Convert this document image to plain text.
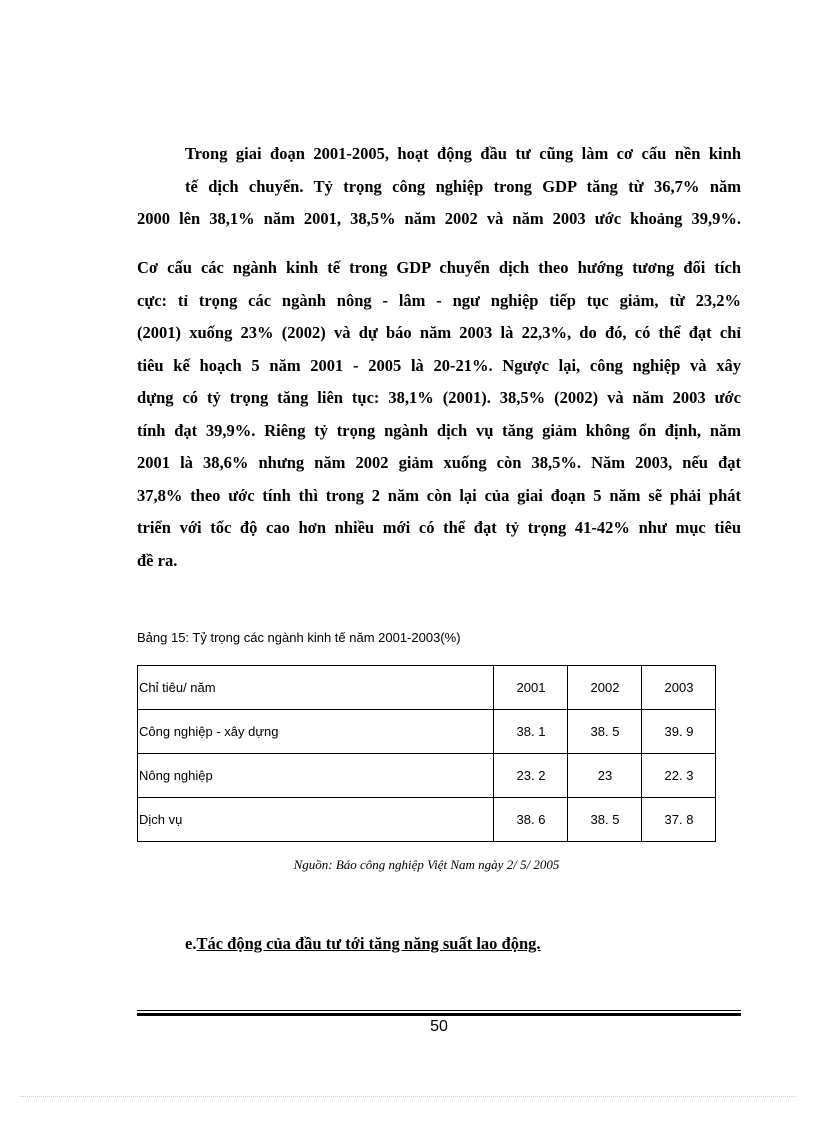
Trong giai đoạn 2001-2005, hoạt động đầu tư cũng làm cơ cấu nền kinh
tế dịch chuyển. Tỷ trọng công nghiệp trong GDP tăng từ 36,7% năm
2000 lên 38,1% năm 2001, 38,5% năm 2002 và năm 2003 ước khoảng 39,9%.
Cơ cấu các ngành kinh tế trong GDP chuyển dịch theo hướng tương đối tích
cực: tỉ trọng các ngành nông - lâm - ngư nghiệp tiếp tục giảm, từ 23,2%
(2001) xuống 23% (2002) và dự báo năm 2003 là 22,3%, do đó, có thể đạt chỉ
tiêu kế hoạch 5 năm 2001 - 2005 là 20-21%. Ngược lại, công nghiệp và xây
dựng có tỷ trọng tăng liên tục: 38,1% (2001). 38,5% (2002) và năm 2003 ước
tính đạt 39,9%. Riêng tỷ trọng ngành dịch vụ tăng giảm không ổn định, năm
2001 là 38,6% nhưng năm 2002 giảm xuống còn 38,5%. Năm 2003, nếu đạt
37,8% theo ước tính thì trong 2 năm còn lại của giai đoạn 5 năm sẽ phải phát
triển với tốc độ cao hơn nhiều mới có thể đạt tỷ trọng 41-42% như mục tiêu
đề ra.

Bảng 15: Tỷ trọng các ngành kinh tế năm 2001-2003(%)

Chỉ tiêu/ năm	2001	2002	2003
Công nghiệp - xây dựng	38. 1	38. 5	39. 9
Nông nghiệp	23. 2	23	22. 3
Dịch vụ	38. 6	38. 5	37. 8

Nguồn: Báo công nghiệp Việt Nam ngày 2/ 5/ 2005

e.Tác động của đầu tư tới tăng năng suất lao động.

50
